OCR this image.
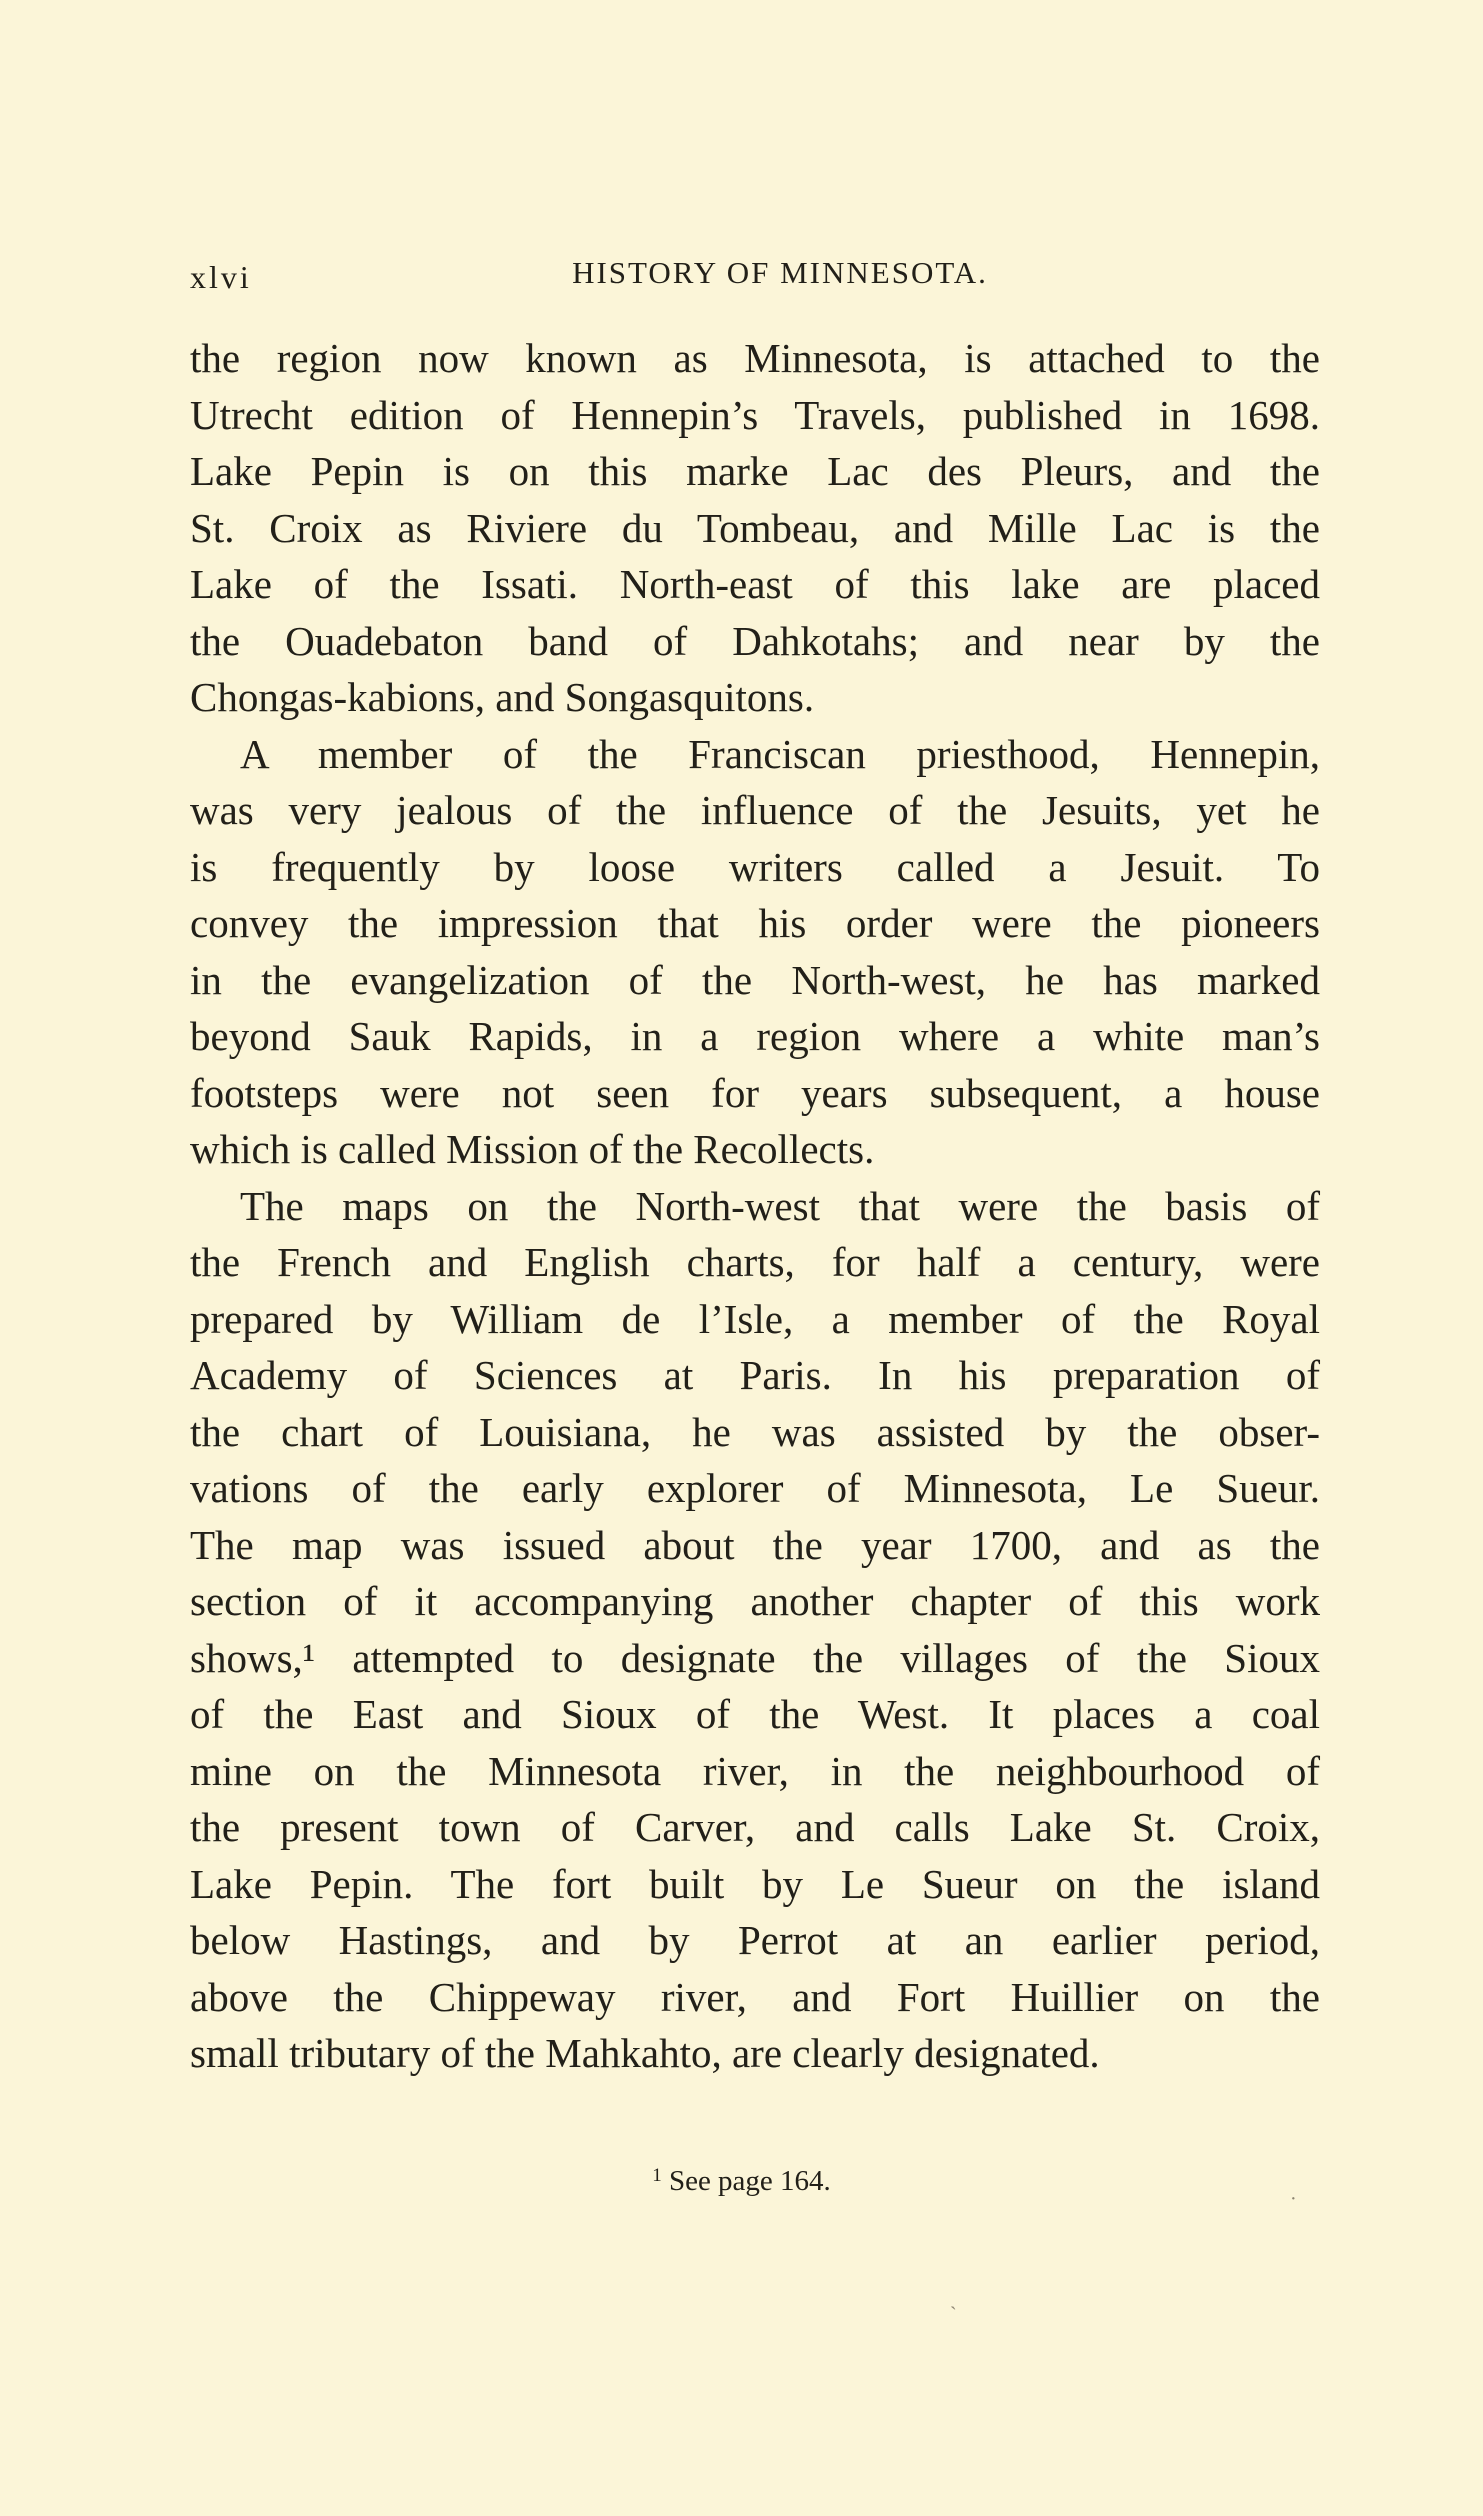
xlvi	HISTORY OF MINNESOTA.
the region now known as Minnesota, is attached to the
Utrecht edition of Hennepin’s Travels, published in 1698.
Lake Pepin is on this marke Lac des Pleurs, and the
St. Croix as Riviere du Tombeau, and Mille Lac is the
Lake of the Issati. North-east of this lake are placed
the Ouadebaton band of Dahkotahs; and near by the
Chongas-kabions, and Songasquitons.
A member of the Franciscan priesthood, Hennepin,
was very jealous of the influence of the Jesuits, yet he
is frequently by loose writers called a Jesuit. To
convey the impression that his order were the pioneers
in the evangelization of the North-west, he has marked
beyond Sauk Rapids, in a region where a white man’s
footsteps were not seen for years subsequent, a house
which is called Mission of the Recollects.
The maps on the North-west that were the basis of
the French and English charts, for half a century, were
prepared by William de l’Isle, a member of the Royal
Academy of Sciences at Paris. In his preparation of
the chart of Louisiana, he was assisted by the obser-
vations of the early explorer of Minnesota, Le Sueur.
The map was issued about the year 1700, and as the
section of it accompanying another chapter of this work
shows,¹ attempted to designate the villages of the Sioux
of the East and Sioux of the West. It places a coal
mine on the Minnesota river, in the neighbourhood of
the present town of Carver, and calls Lake St. Croix,
Lake Pepin. The fort built by Le Sueur on the island
below Hastings, and by Perrot at an earlier period,
above the Chippeway river, and Fort Huillier on the
small tributary of the Mahkahto, are clearly designated.
$^1$ See page 164.
·
ˏ
